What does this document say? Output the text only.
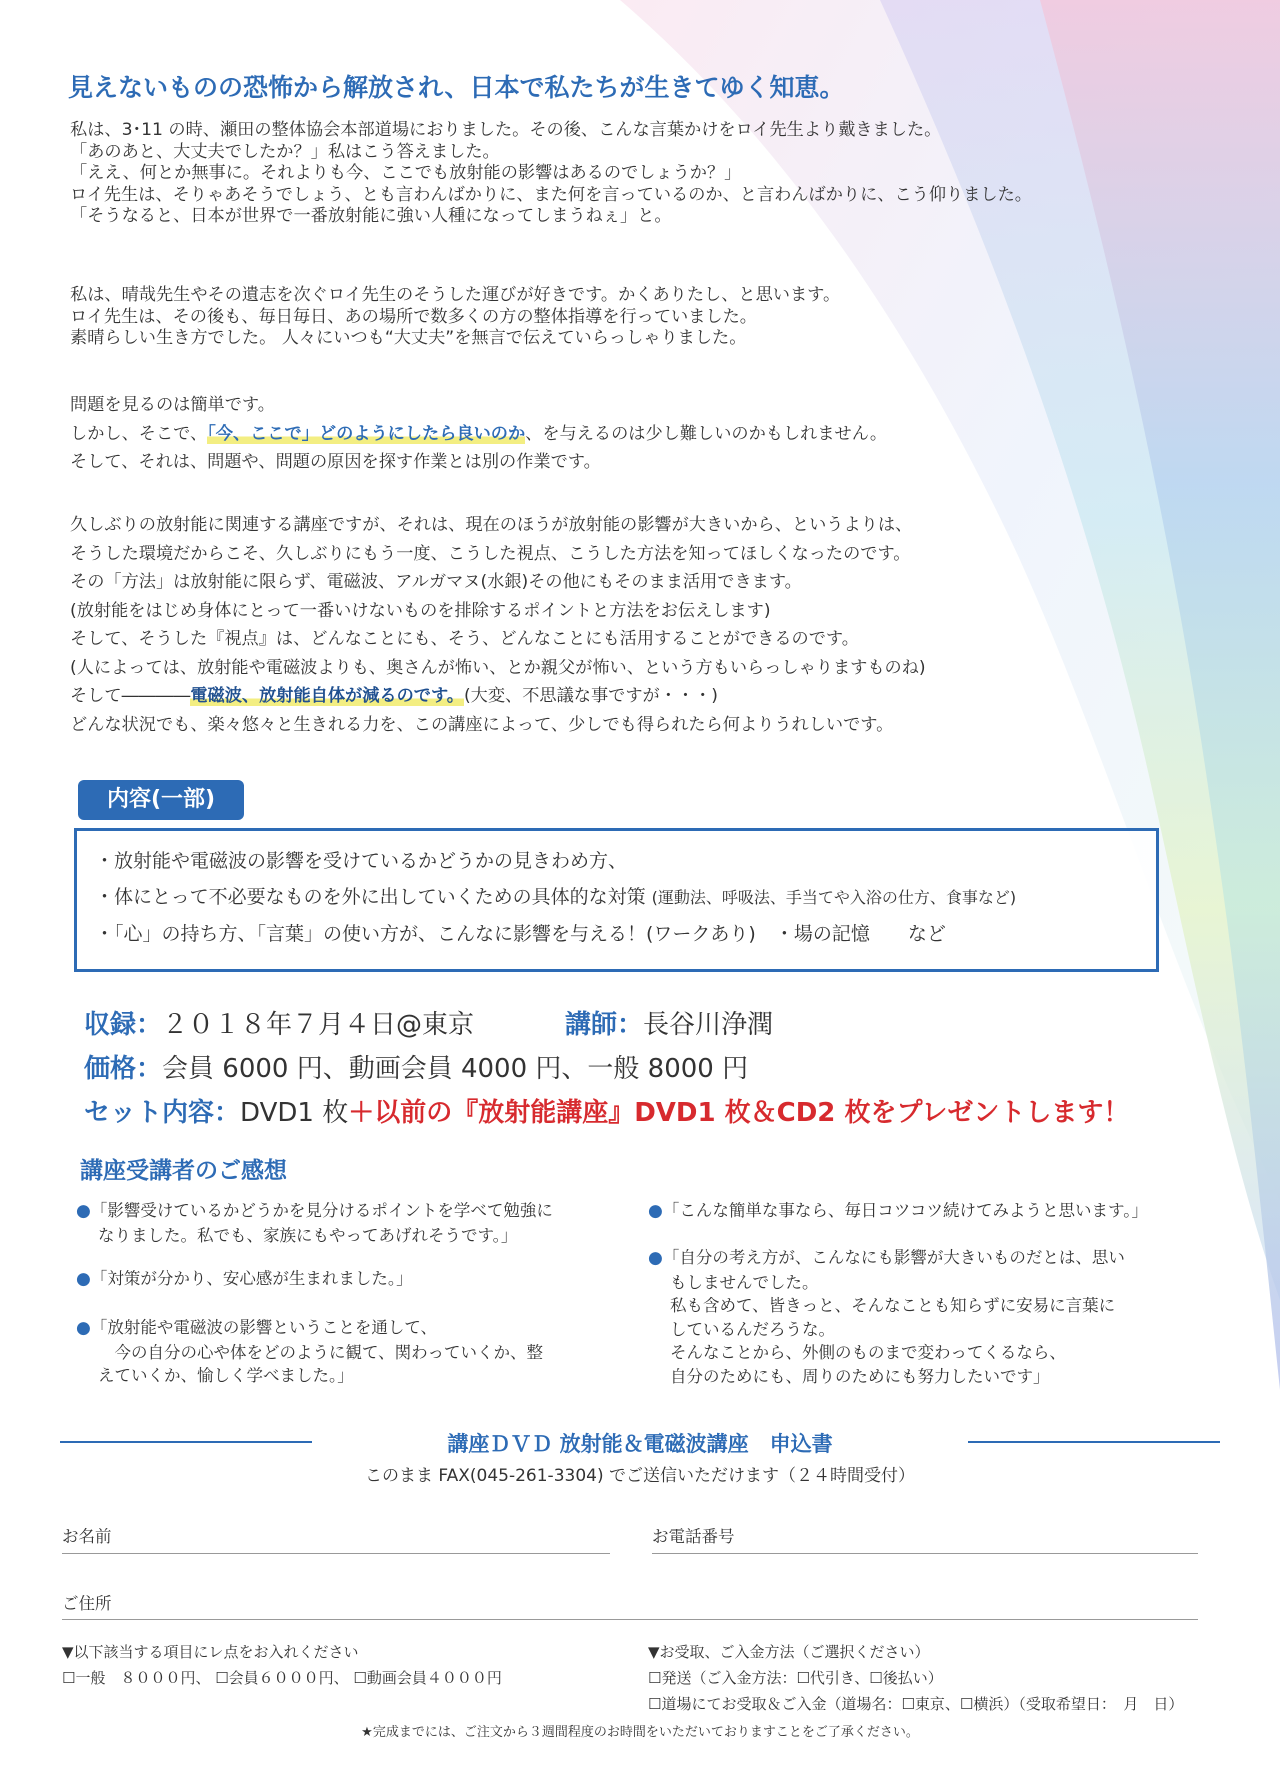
見えないものの恐怖から解放され、日本で私たちが生きてゆく知恵。
私は、3･11 の時、瀬田の整体協会本部道場におりました。その後、こんな言葉かけをロイ先生より戴きました。
「あのあと、大丈夫でしたか？」私はこう答えました。
「ええ、何とか無事に。それよりも今、ここでも放射能の影響はあるのでしょうか？」
ロイ先生は、そりゃあそうでしょう、とも言わんばかりに、また何を言っているのか、と言わんばかりに、こう仰りました。
「そうなると、日本が世界で一番放射能に強い人種になってしまうねぇ」と。
私は、晴哉先生やその遺志を次ぐロイ先生のそうした運びが好きです。かくありたし、と思います。
ロイ先生は、その後も、毎日毎日、あの場所で数多くの方の整体指導を行っていました。
素晴らしい生き方でした。 人々にいつも“大丈夫”を無言で伝えていらっしゃりました。
問題を見るのは簡単です。
しかし、そこで、「今、ここで」どのようにしたら良いのか、を与えるのは少し難しいのかもしれません。
そして、それは、問題や、問題の原因を探す作業とは別の作業です。
久しぶりの放射能に関連する講座ですが、それは、現在のほうが放射能の影響が大きいから、というよりは、
そうした環境だからこそ、久しぶりにもう一度、こうした視点、こうした方法を知ってほしくなったのです。
その「方法」は放射能に限らず、電磁波、アルガマヌ(水銀)その他にもそのまま活用できます。
(放射能をはじめ身体にとって一番いけないものを排除するポイントと方法をお伝えします)
そして、そうした『視点』は、どんなことにも、そう、どんなことにも活用することができるのです。
(人によっては、放射能や電磁波よりも、奥さんが怖い、とか親父が怖い、という方もいらっしゃりますものね)
そして――――電磁波、放射能自体が減るのです。(大変、不思議な事ですが・・・)
どんな状況でも、楽々悠々と生きれる力を、この講座によって、少しでも得られたら何よりうれしいです。
内容(一部)
・放射能や電磁波の影響を受けているかどうかの見きわめ方、
・体にとって不必要なものを外に出していくための具体的な対策 (運動法、呼吸法、手当てや入浴の仕方、食事など)
・「心」の持ち方、「言葉」の使い方が、こんなに影響を与える！(ワークあり)　・場の記憶　　など
収録：２０１８年７月４日@東京	講師：長谷川浄潤
価格：会員 6000 円、動画会員 4000 円、一般 8000 円
セット内容：DVD1 枚＋以前の『放射能講座』DVD1 枚＆CD2 枚をプレゼントします！
講座受講者のご感想
●「影響受けているかどうかを見分けるポイントを学べて勉強に
なりました。私でも、家族にもやってあげれそうです。」
●「対策が分かり、安心感が生まれました。」
●「放射能や電磁波の影響ということを通して、
　今の自分の心や体をどのように観て、関わっていくか、整
えていくか、愉しく学べました。」
●「こんな簡単な事なら、毎日コツコツ続けてみようと思います。」
●「自分の考え方が、こんなにも影響が大きいものだとは、思い
もしませんでした。
私も含めて、皆きっと、そんなことも知らずに安易に言葉に
しているんだろうな。
そんなことから、外側のものまで変わってくるなら、
自分のためにも、周りのためにも努力したいです」
講座ＤＶＤ 放射能＆電磁波講座　申込書
このまま FAX(045-261-3304) でご送信いただけます（２４時間受付）
お名前	お電話番号
ご住所
▼以下該当する項目にレ点をお入れください
☐一般　８０００円、 ☐会員６０００円、 ☐動画会員４０００円
▼お受取、ご入金方法（ご選択ください）
☐発送（ご入金方法：☐代引き、☐後払い）
☐道場にてお受取＆ご入金（道場名：☐東京、☐横浜）（受取希望日：　月　日）
★完成までには、ご注文から３週間程度のお時間をいただいておりますことをご了承ください。
